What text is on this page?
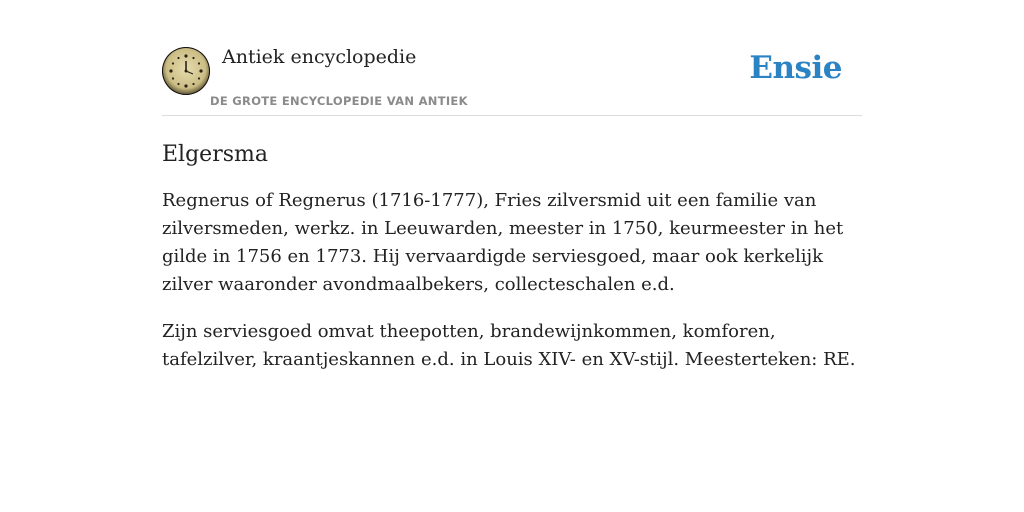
Antiek encyclopedie
DE GROTE ENCYCLOPEDIE VAN ANTIEK
Ensie
Elgersma

Regnerus of Regnerus (1716-1777), Fries zilversmid uit een familie van zilversmeden, werkz. in Leeuwarden, meester in 1750, keurmeester in het gilde in 1756 en 1773. Hij vervaardigde serviesgoed, maar ook kerkelijk zilver waaronder avondmaalbekers, collecteschalen e.d.

Zijn serviesgoed omvat theepotten, brandewijnkommen, komforen, tafelzilver, kraantjeskannen e.d. in Louis XIV- en XV-stijl. Meesterteken: RE.
